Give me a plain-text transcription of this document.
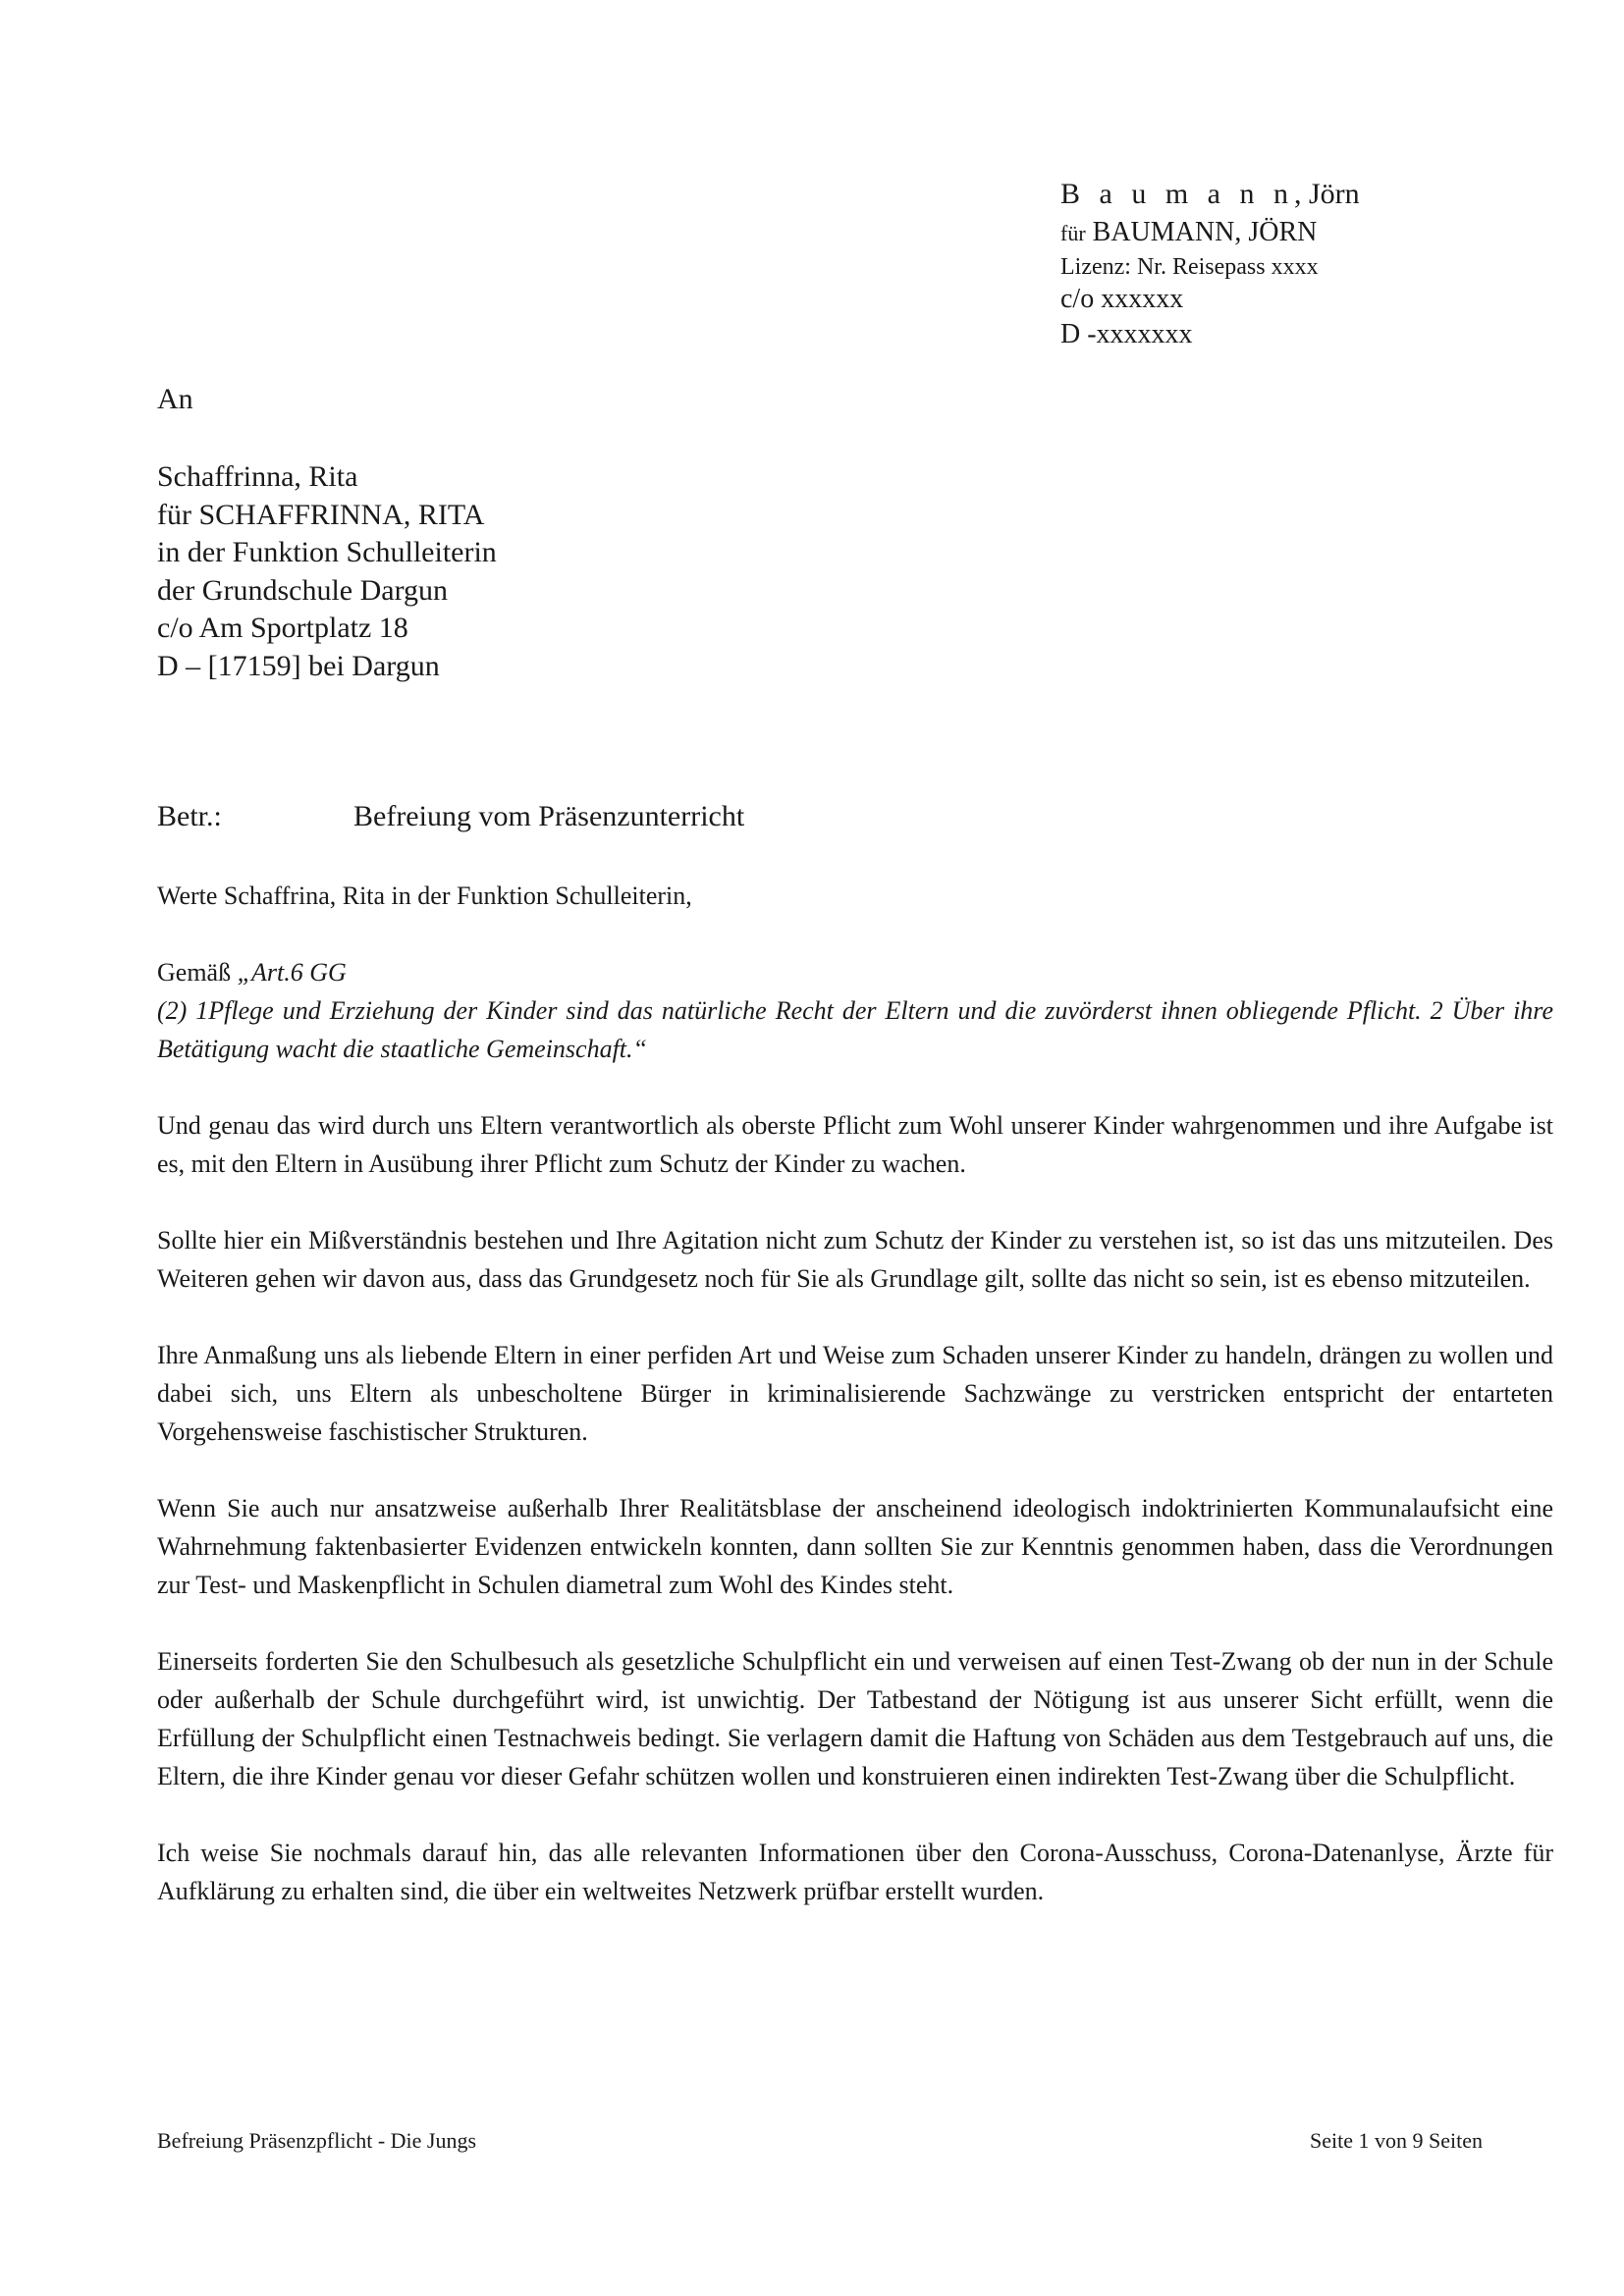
B a u m a n n, Jörn
für BAUMANN, JÖRN
Lizenz: Nr. Reisepass xxxx
c/o xxxxxx
D -xxxxxxx
An
Schaffrinna, Rita
für SCHAFFRINNA, RITA
in der Funktion Schulleiterin
der Grundschule Dargun
c/o Am Sportplatz 18
D – [17159] bei Dargun
Betr.:	Befreiung vom Präsenzunterricht

Werte Schaffrina, Rita in der Funktion Schulleiterin,

Gemäß „Art.6 GG

(2) 1Pflege und Erziehung der Kinder sind das natürliche Recht der Eltern und die zuvörderst ihnen obliegende Pflicht. 2 Über ihre Betätigung wacht die staatliche Gemeinschaft.“

Und genau das wird durch uns Eltern verantwortlich als oberste Pflicht zum Wohl unserer Kinder wahrgenommen und ihre Aufgabe ist es, mit den Eltern in Ausübung ihrer Pflicht zum Schutz der Kinder zu wachen.

Sollte hier ein Mißverständnis bestehen und Ihre Agitation nicht zum Schutz der Kinder zu verstehen ist, so ist das uns mitzuteilen. Des Weiteren gehen wir davon aus, dass das Grundgesetz noch für Sie als Grundlage gilt, sollte das nicht so sein, ist es ebenso mitzuteilen.

Ihre Anmaßung uns als liebende Eltern in einer perfiden Art und Weise zum Schaden unserer Kinder zu handeln, drängen zu wollen und dabei sich, uns Eltern als unbescholtene Bürger in kriminalisierende Sachzwänge zu verstricken entspricht der entarteten Vorgehensweise faschistischer Strukturen.

Wenn Sie auch nur ansatzweise außerhalb Ihrer Realitätsblase der anscheinend ideologisch indoktrinierten Kommunalaufsicht eine Wahrnehmung faktenbasierter Evidenzen entwickeln konnten, dann sollten Sie zur Kenntnis genommen haben, dass die Verordnungen zur Test- und Maskenpflicht in Schulen diametral zum Wohl des Kindes steht.

Einerseits forderten Sie den Schulbesuch als gesetzliche Schulpflicht ein und verweisen auf einen Test-Zwang ob der nun in der Schule oder außerhalb der Schule durchgeführt wird, ist unwichtig. Der Tatbestand der Nötigung ist aus unserer Sicht erfüllt, wenn die Erfüllung der Schulpflicht einen Testnachweis bedingt. Sie verlagern damit die Haftung von Schäden aus dem Testgebrauch auf uns, die Eltern, die ihre Kinder genau vor dieser Gefahr schützen wollen und konstruieren einen indirekten Test-Zwang über die Schulpflicht.

Ich weise Sie nochmals darauf hin, das alle relevanten Informationen über den Corona-Ausschuss, Corona-Datenanlyse, Ärzte für Aufklärung zu erhalten sind, die über ein weltweites Netzwerk prüfbar erstellt wurden.

Befreiung Präsenzpflicht - Die Jungs	Seite 1 von 9 Seiten
